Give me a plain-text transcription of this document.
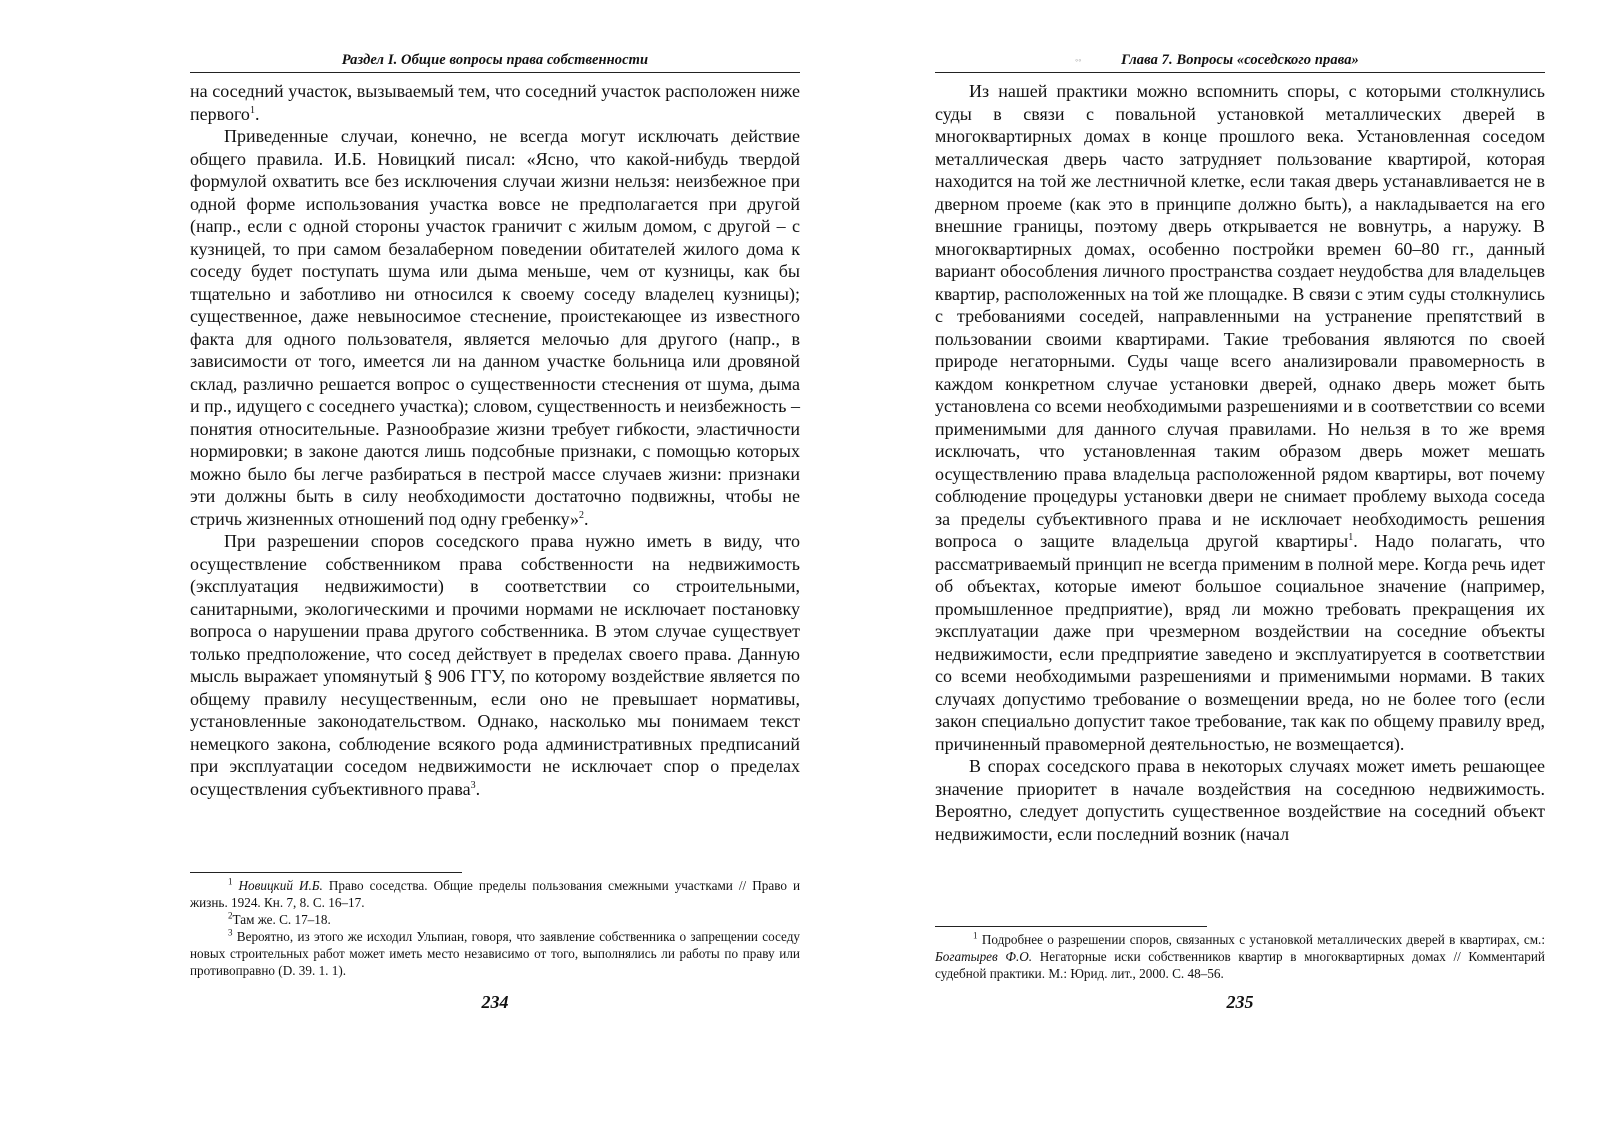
Раздел I. Общие вопросы права собственности

на соседний участок, вызываемый тем, что соседний участок расположен ниже первого$^1$.

Приведенные случаи, конечно, не всегда могут исключать действие общего правила. И.Б. Новицкий писал: «Ясно, что какой-нибудь твердой формулой охватить все без исключения случаи жизни нельзя: неизбежное при одной форме использования участка вовсе не предполагается при другой (напр., если с одной стороны участок граничит с жилым домом, с другой – с кузницей, то при самом безалаберном поведении обитателей жилого дома к соседу будет поступать шума или дыма меньше, чем от кузницы, как бы тщательно и заботливо ни относился к своему соседу владелец кузницы); существенное, даже невыносимое стеснение, проистекающее из известного факта для одного пользователя, является мелочью для другого (напр., в зависимости от того, имеется ли на данном участке больница или дровяной склад, различно решается вопрос о существенности стеснения от шума, дыма и пр., идущего с соседнего участка); словом, существенность и неизбежность – понятия относительные. Разнообразие жизни требует гибкости, эластичности нормировки; в законе даются лишь подсобные признаки, с помощью которых можно было бы легче разбираться в пестрой массе случаев жизни: признаки эти должны быть в силу необходимости достаточно подвижны, чтобы не стричь жизненных отношений под одну гребенку»$^2$.

При разрешении споров соседского права нужно иметь в виду, что осуществление собственником права собственности на недвижимость (эксплуатация недвижимости) в соответствии со строительными, санитарными, экологическими и прочими нормами не исключает постановку вопроса о нарушении права другого собственника. В этом случае существует только предположение, что сосед действует в пределах своего права. Данную мысль выражает упомянутый § 906 ГГУ, по которому воздействие является по общему правилу несущественным, если оно не превышает нормативы, установленные законодательством. Однако, насколько мы понимаем текст немецкого закона, соблюдение всякого рода административных предписаний при эксплуатации соседом недвижимости не исключает спор о пределах осуществления субъективного права$^3$.

$^1$ Новицкий И.Б. Право соседства. Общие пределы пользования смежными участками // Право и жизнь. 1924. Кн. 7, 8. С. 16–17.

$^2$Там же. С. 17–18.

$^3$ Вероятно, из этого же исходил Ульпиан, говоря, что заявление собственника о запрещении соседу новых строительных работ может иметь место независимо от того, выполнялись ли работы по праву или противоправно (D. 39. 1. 1).

234
◦◦	Глава 7. Вопросы «соседского права»

Из нашей практики можно вспомнить споры, с которыми столкнулись суды в связи с повальной установкой металлических дверей в многоквартирных домах в конце прошлого века. Установленная соседом металлическая дверь часто затрудняет пользование квартирой, которая находится на той же лестничной клетке, если такая дверь устанавливается не в дверном проеме (как это в принципе должно быть), а накладывается на его внешние границы, поэтому дверь открывается не вовнутрь, а наружу. В многоквартирных домах, особенно постройки времен 60–80 гг., данный вариант обособления личного пространства создает неудобства для владельцев квартир, расположенных на той же площадке. В связи с этим суды столкнулись с требованиями соседей, направленными на устранение препятствий в пользовании своими квартирами. Такие требования являются по своей природе негаторными. Суды чаще всего анализировали правомерность в каждом конкретном случае установки дверей, однако дверь может быть установлена со всеми необходимыми разрешениями и в соответствии со всеми применимыми для данного случая правилами. Но нельзя в то же время исключать, что установленная таким образом дверь может мешать осуществлению права владельца расположенной рядом квартиры, вот почему соблюдение процедуры установки двери не снимает проблему выхода соседа за пределы субъективного права и не исключает необходимость решения вопроса о защите владельца другой квартиры$^1$. Надо полагать, что рассматриваемый принцип не всегда применим в полной мере. Когда речь идет об объектах, которые имеют большое социальное значение (например, промышленное предприятие), вряд ли можно требовать прекращения их эксплуатации даже при чрезмерном воздействии на соседние объекты недвижимости, если предприятие заведено и эксплуатируется в соответствии со всеми необходимыми разрешениями и применимыми нормами. В таких случаях допустимо требование о возмещении вреда, но не более того (если закон специально допустит такое требование, так как по общему правилу вред, причиненный правомерной деятельностью, не возмещается).

В спорах соседского права в некоторых случаях может иметь решающее значение приоритет в начале воздействия на соседнюю недвижимость. Вероятно, следует допустить существенное воздействие на соседний объект недвижимости, если последний возник (начал

$^1$ Подробнее о разрешении споров, связанных с установкой металлических дверей в квартирах, см.: Богатырев Ф.О. Негаторные иски собственников квартир в многоквартирных домах // Комментарий судебной практики. М.: Юрид. лит., 2000. С. 48–56.

235
